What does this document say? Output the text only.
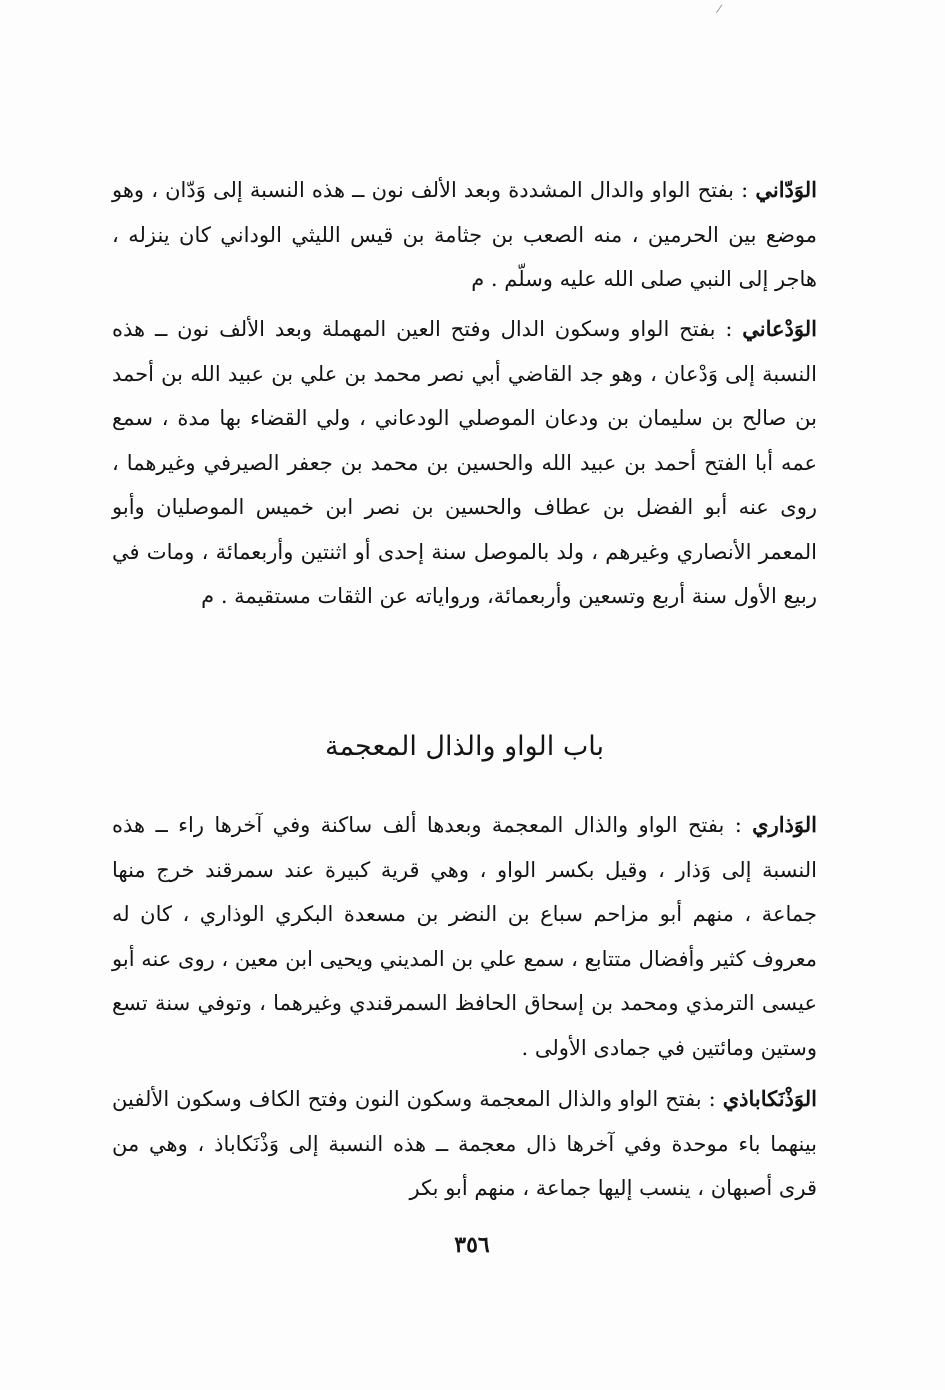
الوَدّاني : بفتح الواو والدال المشددة وبعد الألف نون ــ هذه النسبة إلى وَدّان ، وهو موضع بين الحرمين ، منه الصعب بن جثامة بن قيس الليثي الوداني كان ينزله ، هاجر إلى النبي صلى الله عليه وسلّم . م

الوَدْعاني : بفتح الواو وسكون الدال وفتح العين المهملة وبعد الألف نون ــ هذه النسبة إلى وَدْعان ، وهو جد القاضي أبي نصر محمد بن علي بن عبيد الله بن أحمد بن صالح بن سليمان بن ودعان الموصلي الودعاني ، ولي القضاء بها مدة ، سمع عمه أبا الفتح أحمد بن عبيد الله والحسين بن محمد بن جعفر الصيرفي وغيرهما ، روى عنه أبو الفضل بن عطاف والحسين بن نصر ابن خميس الموصليان وأبو المعمر الأنصاري وغيرهم ، ولد بالموصل سنة إحدى أو اثنتين وأربعمائة ، ومات في ربيع الأول سنة أربع وتسعين وأربعمائة، ورواياته عن الثقات مستقيمة . م

باب الواو والذال المعجمة

الوَذاري : بفتح الواو والذال المعجمة وبعدها ألف ساكنة وفي آخرها راء ــ هذه النسبة إلى وَذار ، وقيل بكسر الواو ، وهي قرية كبيرة عند سمرقند خرج منها جماعة ، منهم أبو مزاحم سباع بن النضر بن مسعدة البكري الوذاري ، كان له معروف كثير وأفضال متتابع ، سمع علي بن المديني ويحيى ابن معين ، روى عنه أبو عيسى الترمذي ومحمد بن إسحاق الحافظ السمرقندي وغيرهما ، وتوفي سنة تسع وستين ومائتين في جمادى الأولى .

الوَذْنَكاباذي : بفتح الواو والذال المعجمة وسكون النون وفتح الكاف وسكون الألفين بينهما باء موحدة وفي آخرها ذال معجمة ــ هذه النسبة إلى وَذْنَكاباذ ، وهي من قرى أصبهان ، ينسب إليها جماعة ، منهم أبو بكر

٣٥٦
